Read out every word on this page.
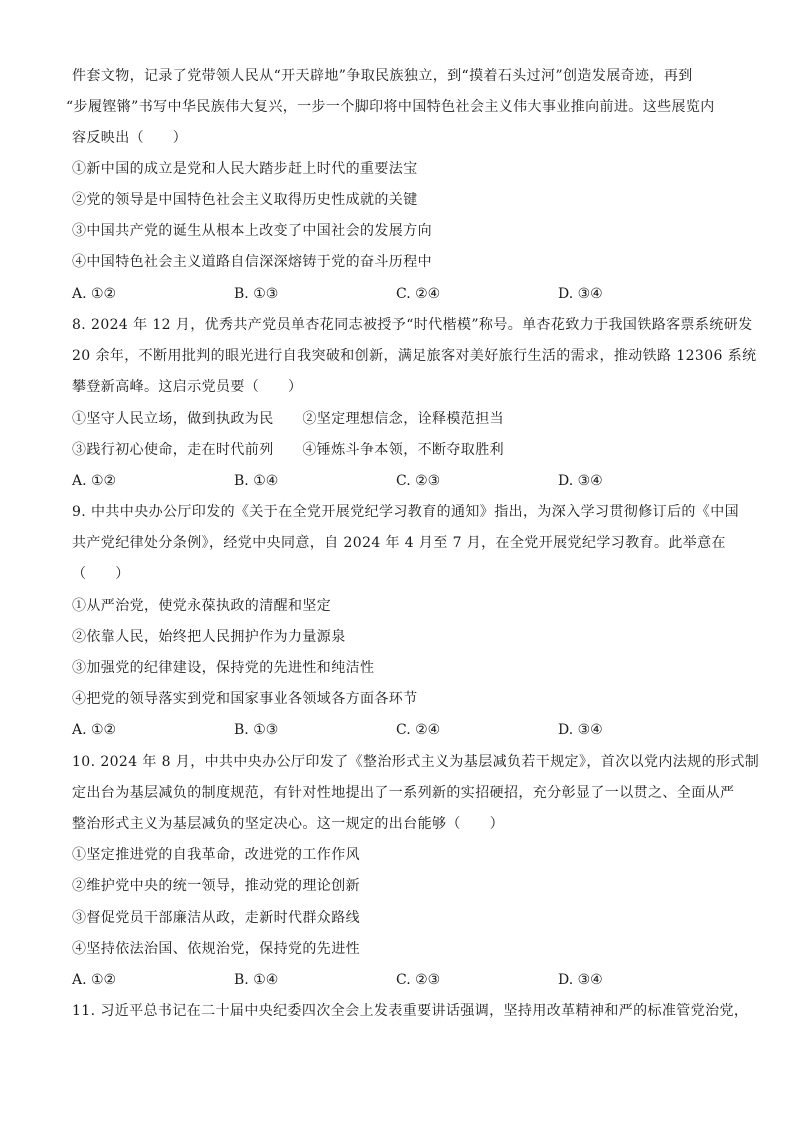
件套文物，记录了党带领人民从“开天辟地”争取民族独立，到“摸着石头过河”创造发展奇迹，再到
“步履铿锵”书写中华民族伟大复兴，一步一个脚印将中国特色社会主义伟大事业推向前进。这些展览内
容反映出（　　）
①新中国的成立是党和人民大踏步赶上时代的重要法宝
②党的领导是中国特色社会主义取得历史性成就的关键
③中国共产党的诞生从根本上改变了中国社会的发展方向
④中国特色社会主义道路自信深深熔铸于党的奋斗历程中
A. ①②	B. ①③	C. ②④	D. ③④
8. 2024 年 12 月，优秀共产党员单杏花同志被授予“时代楷模”称号。单杏花致力于我国铁路客票系统研发
20 余年，不断用批判的眼光进行自我突破和创新，满足旅客对美好旅行生活的需求，推动铁路 12306 系统
攀登新高峰。这启示党员要（　　）
①坚守人民立场，做到执政为民　　②坚定理想信念，诠释模范担当
③践行初心使命，走在时代前列　　④锤炼斗争本领，不断夺取胜利
A. ①②	B. ①④	C. ②③	D. ③④
9. 中共中央办公厅印发的《关于在全党开展党纪学习教育的通知》指出，为深入学习贯彻修订后的《中国
共产党纪律处分条例》，经党中央同意，自 2024 年 4 月至 7 月，在全党开展党纪学习教育。此举意在
（　　）
①从严治党，使党永葆执政的清醒和坚定
②依靠人民，始终把人民拥护作为力量源泉
③加强党的纪律建设，保持党的先进性和纯洁性
④把党的领导落实到党和国家事业各领域各方面各环节
A. ①②	B. ①③	C. ②④	D. ③④
10. 2024 年 8 月，中共中央办公厅印发了《整治形式主义为基层减负若干规定》，首次以党内法规的形式制
定出台为基层减负的制度规范，有针对性地提出了一系列新的实招硬招，充分彰显了一以贯之、全面从严
整治形式主义为基层减负的坚定决心。这一规定的出台能够（　　）
①坚定推进党的自我革命，改进党的工作作风
②维护党中央的统一领导，推动党的理论创新
③督促党员干部廉洁从政，走新时代群众路线
④坚持依法治国、依规治党，保持党的先进性
A. ①②	B. ①④	C. ②③	D. ③④
11. 习近平总书记在二十届中央纪委四次全会上发表重要讲话强调，坚持用改革精神和严的标准管党治党，
